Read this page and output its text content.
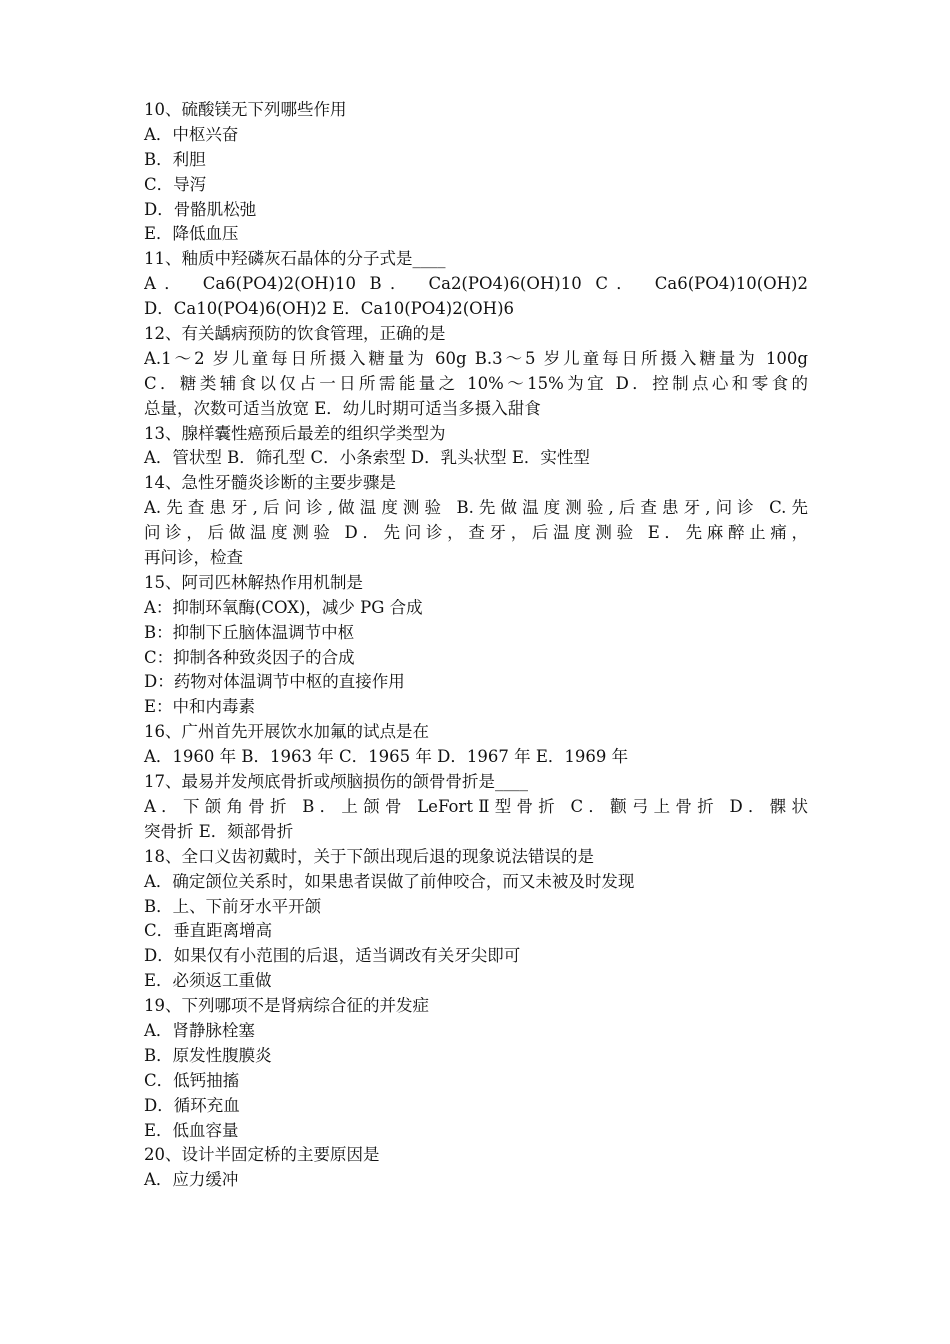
10、硫酸镁无下列哪些作用
A．中枢兴奋
B．利胆
C．导泻
D．骨骼肌松弛
E．降低血压
11、釉质中羟磷灰石晶体的分子式是____
A． Ca6(PO4)2(OH)10 B． Ca2(PO4)6(OH)10 C． Ca6(PO4)10(OH)2
D．Ca10(PO4)6(OH)2 E．Ca10(PO4)2(OH)6
12、有关龋病预防的饮食管理，正确的是
A.1～2 岁儿童每日所摄入糖量为 60g B.3～5 岁儿童每日所摄入糖量为 100g
C．糖类辅食以仅占一日所需能量之 10%～15%为宜 D．控制点心和零食的
总量，次数可适当放宽 E．幼儿时期可适当多摄入甜食
13、腺样囊性癌预后最差的组织学类型为
A．管状型 B．筛孔型 C．小条索型 D．乳头状型 E．实性型
14、急性牙髓炎诊断的主要步骤是
A.先查患牙,后问诊,做温度测验 B.先做温度测验,后查患牙,问诊 C.先
问诊，后做温度测验 D．先问诊，查牙，后温度测验 E．先麻醉止痛，
再问诊，检查
15、阿司匹林解热作用机制是
A：抑制环氧酶(COX)，减少 PG 合成
B：抑制下丘脑体温调节中枢
C：抑制各种致炎因子的合成
D：药物对体温调节中枢的直接作用
E：中和内毒素
16、广州首先开展饮水加氟的试点是在
A．1960 年 B．1963 年 C．1965 年 D．1967 年 E．1969 年
17、最易并发颅底骨折或颅脑损伤的颌骨骨折是____
A．下颌角骨折 B．上颌骨 LeFortⅡ型骨折 C．颧弓上骨折 D．髁状
突骨折 E．颏部骨折
18、全口义齿初戴时，关于下颌出现后退的现象说法错误的是
A．确定颌位关系时，如果患者误做了前伸咬合，而又未被及时发现
B．上、下前牙水平开颌
C．垂直距离增高
D．如果仅有小范围的后退，适当调改有关牙尖即可
E．必须返工重做
19、下列哪项不是肾病综合征的并发症
A．肾静脉栓塞
B．原发性腹膜炎
C．低钙抽搐
D．循环充血
E．低血容量
20、设计半固定桥的主要原因是
A．应力缓冲
